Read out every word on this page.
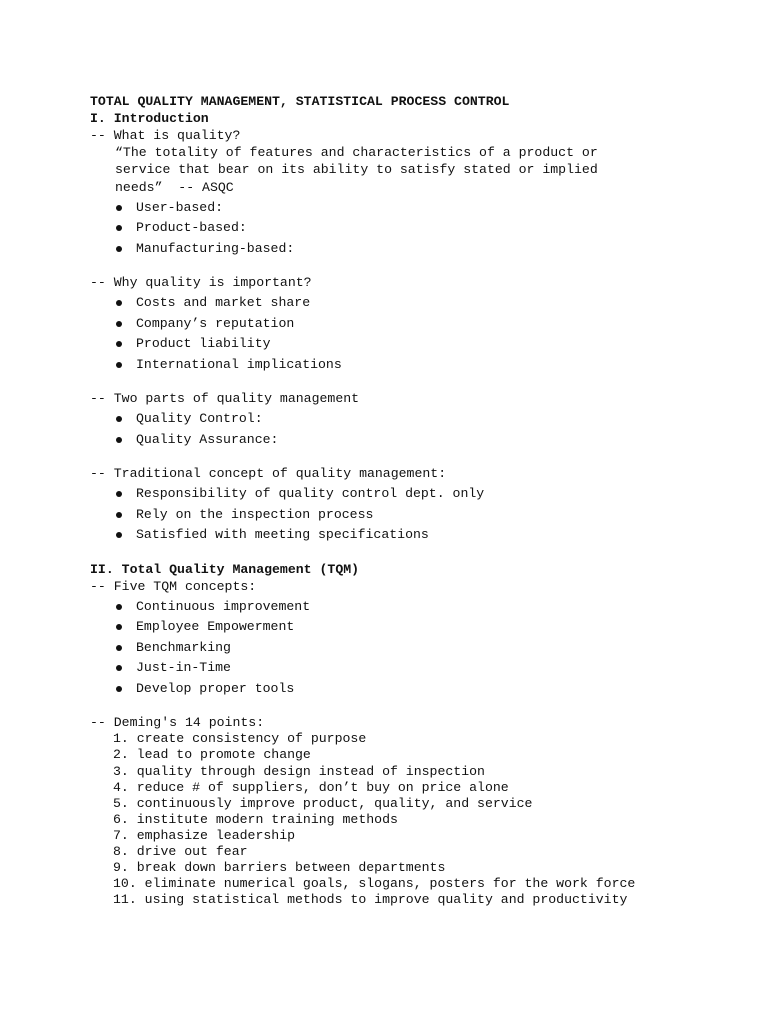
TOTAL QUALITY MANAGEMENT, STATISTICAL PROCESS CONTROL
I. Introduction
-- What is quality?
“The totality of features and characteristics of a product or
service that bear on its ability to satisfy stated or implied
needs”  -- ASQC
User-based:
Product-based:
Manufacturing-based:
-- Why quality is important?
Costs and market share
Company’s reputation
Product liability
International implications
-- Two parts of quality management
Quality Control:
Quality Assurance:
-- Traditional concept of quality management:
Responsibility of quality control dept. only
Rely on the inspection process
Satisfied with meeting specifications
II. Total Quality Management (TQM)
-- Five TQM concepts:
Continuous improvement
Employee Empowerment
Benchmarking
Just-in-Time
Develop proper tools
-- Deming's 14 points:
1. create consistency of purpose
2. lead to promote change
3. quality through design instead of inspection
4. reduce # of suppliers, don’t buy on price alone
5. continuously improve product, quality, and service
6. institute modern training methods
7. emphasize leadership
8. drive out fear
9. break down barriers between departments
10. eliminate numerical goals, slogans, posters for the work force
11. using statistical methods to improve quality and productivity
